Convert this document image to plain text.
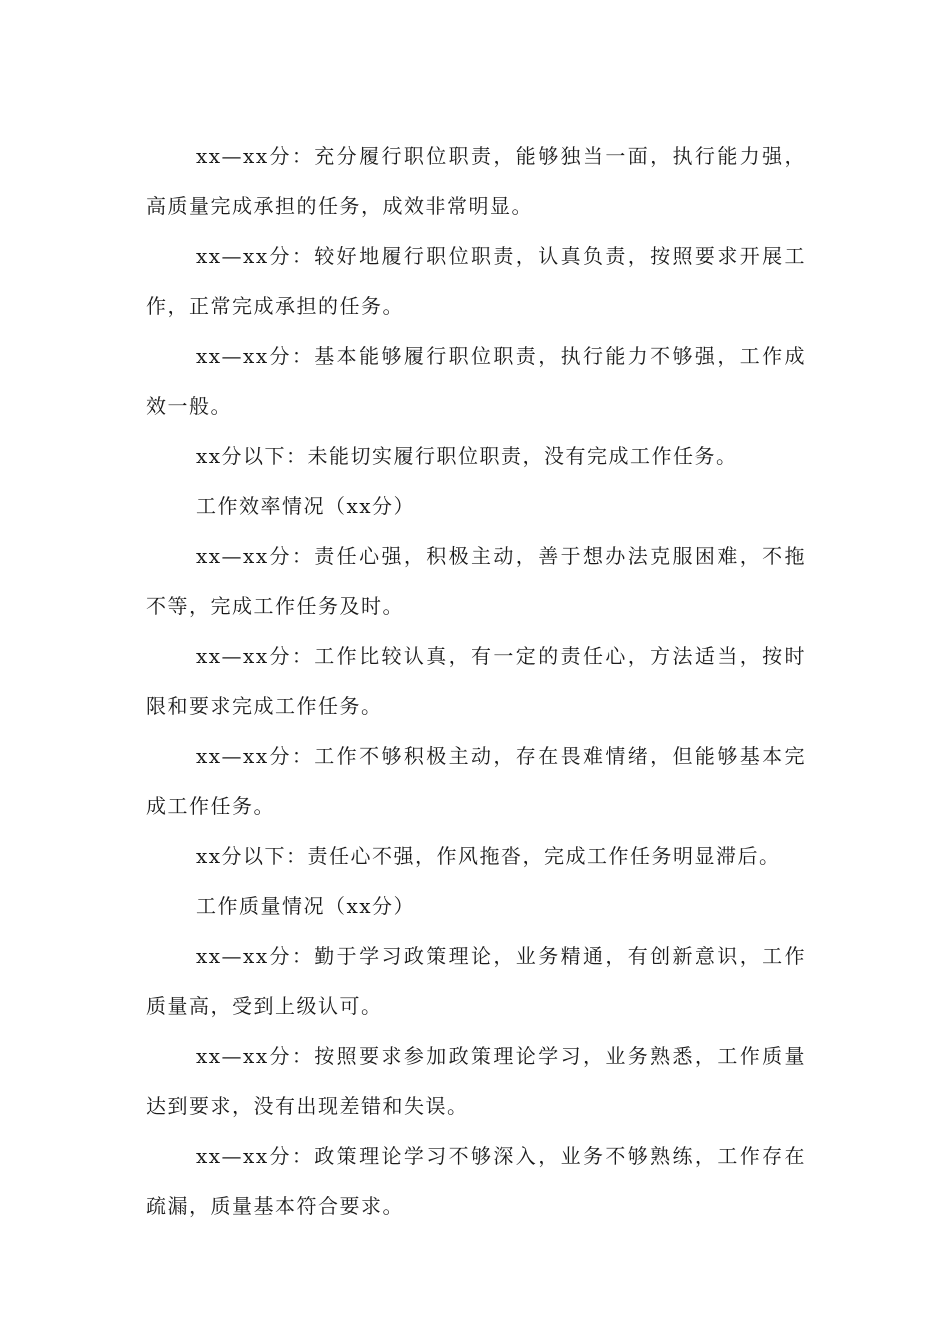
xx—xx分：充分履行职位职责，能够独当一面，执行能力强，高质量完成承担的任务，成效非常明显。

xx—xx分：较好地履行职位职责，认真负责，按照要求开展工作，正常完成承担的任务。

xx—xx分：基本能够履行职位职责，执行能力不够强，工作成效一般。

xx分以下：未能切实履行职位职责，没有完成工作任务。

工作效率情况（xx分）

xx—xx分：责任心强，积极主动，善于想办法克服困难，不拖不等，完成工作任务及时。

xx—xx分：工作比较认真，有一定的责任心，方法适当，按时限和要求完成工作任务。

xx—xx分：工作不够积极主动，存在畏难情绪，但能够基本完成工作任务。

xx分以下：责任心不强，作风拖沓，完成工作任务明显滞后。

工作质量情况（xx分）

xx—xx分：勤于学习政策理论，业务精通，有创新意识，工作质量高，受到上级认可。

xx—xx分：按照要求参加政策理论学习，业务熟悉，工作质量达到要求，没有出现差错和失误。

xx—xx分：政策理论学习不够深入，业务不够熟练，工作存在疏漏，质量基本符合要求。
